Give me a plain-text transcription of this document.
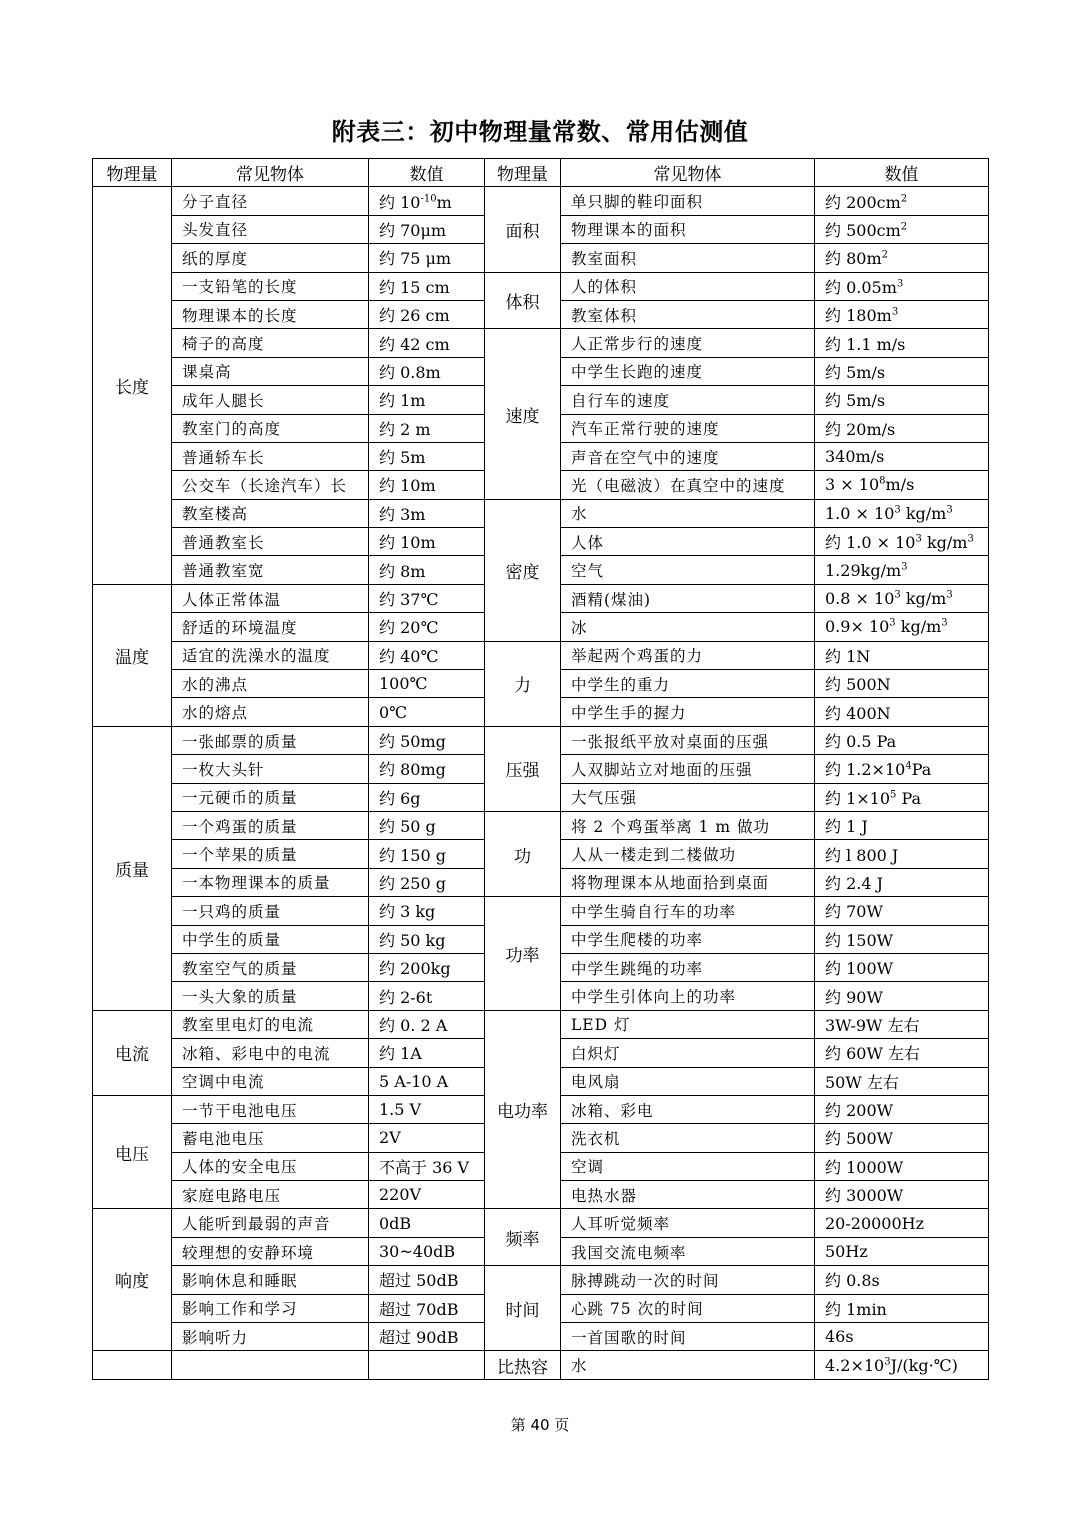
附表三：初中物理量常数、常用估测值
物理量	常见物体	数值	物理量	常见物体	数值
长度	分子直径	约 $10^{-10}m$	面积	单只脚的鞋印面积	约 $200cm^2$
	头发直径	约 70μm		物理课本的面积	约 $500cm^2$
	纸的厚度	约 75 μm		教室面积	约 $80m^2$
	一支铅笔的长度	约 15 cm	体积	人的体积	约 $0.05m^3$
	物理课本的长度	约 26 cm		教室体积	约 $180m^3$
	椅子的高度	约 42 cm	速度	人正常步行的速度	约 1.1 m/s
	课桌高	约 0.8m		中学生长跑的速度	约 5m/s
	成年人腿长	约 1m		自行车的速度	约 5m/s
	教室门的高度	约 2 m		汽车正常行驶的速度	约 20m/s
	普通轿车长	约 5m		声音在空气中的速度	340m/s
	公交车（长途汽车）长	约 10m		光（电磁波）在真空中的速度	$3 \times 10^8m/s$
	教室楼高	约 3m	密度	水	$1.0 \times 10^3$ $kg/m^3$
	普通教室长	约 10m		人体	约 $1.0 \times 10^3$ $kg/m^3$
	普通教室宽	约 8m		空气	$1.29kg/m^3$
温度	人体正常体温	约 37℃		酒精(煤油)	$0.8 \times 10^3$ $kg/m^3$
	舒适的环境温度	约 20℃		冰	$0.9\times 10^3$ $kg/m^3$
	适宜的洗澡水的温度	约 40℃	力	举起两个鸡蛋的力	约 1N
	水的沸点	100℃		中学生的重力	约 500N
	水的熔点	0℃		中学生手的握力	约 400N
质量	一张邮票的质量	约 50mg	压强	一张报纸平放对桌面的压强	约 0.5 Pa
	一枚大头针	约 80mg		人双脚站立对地面的压强	约 $1.2\times 10^4Pa$
	一元硬币的质量	约 6g		大气压强	约 $1\times 10^5$ Pa
	一个鸡蛋的质量	约 50 g	功	将 2 个鸡蛋举离 1 m 做功	约 1 J
	一个苹果的质量	约 150 g		人从一楼走到二楼做功	约 l 800 J
	一本物理课本的质量	约 250 g		将物理课本从地面拾到桌面	约 2.4 J
	一只鸡的质量	约 3 kg	功率	中学生骑自行车的功率	约 70W
	中学生的质量	约 50 kg		中学生爬楼的功率	约 150W
	教室空气的质量	约 200kg		中学生跳绳的功率	约 100W
	一头大象的质量	约 2-6t		中学生引体向上的功率	约 90W
电流	教室里电灯的电流	约 0. 2 A	电功率	LED 灯	3W-9W 左右
	冰箱、彩电中的电流	约 1A		白炽灯	约 60W 左右
	空调中电流	5 A-10 A		电风扇	50W 左右
电压	一节干电池电压	1.5 V		冰箱、彩电	约 200W
	蓄电池电压	2V		洗衣机	约 500W
	人体的安全电压	不高于 36 V		空调	约 1000W
	家庭电路电压	220V		电热水器	约 3000W
响度	人能听到最弱的声音	0dB	频率	人耳听觉频率	20-20000Hz
	较理想的安静环境	30~40dB		我国交流电频率	50Hz
	影响休息和睡眠	超过 50dB	时间	脉搏跳动一次的时间	约 0.8s
	影响工作和学习	超过 70dB		心跳 75 次的时间	约 1min
	影响听力	超过 90dB		一首国歌的时间	46s
			比热容	水	$4.2\times 10^3J/(kg\cdot℃)$
第 40 页
